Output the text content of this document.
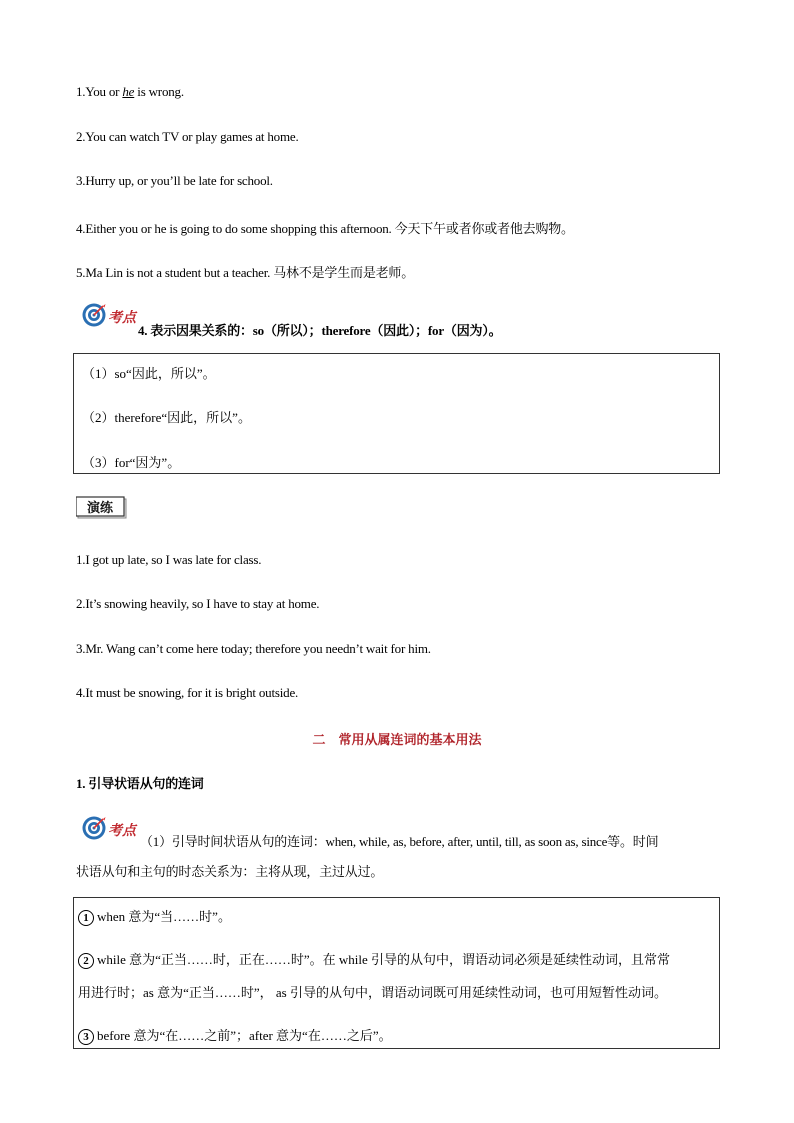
1.You or he is wrong.
2.You can watch TV or play games at home.
3.Hurry up, or you’ll be late for school.
4.Either you or he is going to do some shopping this afternoon. 今天下午或者你或者他去购物。
5.Ma Lin is not a student but a teacher. 马林不是学生而是老师。
考点
4. 表示因果关系的：so（所以）；therefore（因此）；for（因为）。
（1）so“因此，所以”。
（2）therefore“因此，所以”。
（3）for“因为”。
演练
1.I got up late, so I was late for class.
2.It’s snowing heavily, so I have to stay at home.
3.Mr. Wang can’t come here today; therefore you needn’t wait for him.
4.It must be snowing, for it is bright outside.
二　常用从属连词的基本用法
1. 引导状语从句的连词
考点
（1）引导时间状语从句的连词：when, while, as, before, after, until, till, as soon as, since等。时间
状语从句和主句的时态关系为：主将从现，主过从过。
1 when 意为“当……时”。
2 while 意为“正当……时，正在……时”。在 while 引导的从句中，谓语动词必须是延续性动词，且常常
用进行时；as 意为“正当……时”， as 引导的从句中，谓语动词既可用延续性动词，也可用短暂性动词。
3 before 意为“在……之前”；after 意为“在……之后”。
